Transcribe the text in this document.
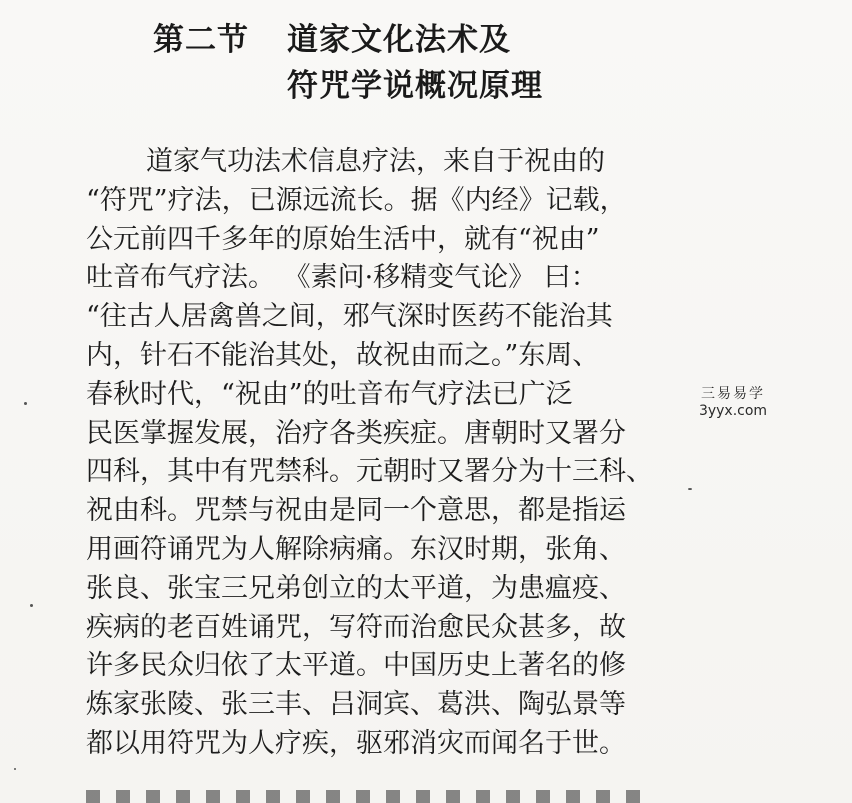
第二节 道家文化法术及
符咒学说概况原理
道家气功法术信息疗法，来自于祝由的
“符咒”疗法，已源远流长。据《内经》记载，
公元前四千多年的原始生活中，就有“祝由”
吐音布气疗法。 《素问·移精变气论》 曰：
“往古人居禽兽之间，邪气深时医药不能治其
内，针石不能治其处，故祝由而之。”东周、
春秋时代，“祝由”的吐音布气疗法已广泛
民医掌握发展，治疗各类疾症。唐朝时又署分
四科，其中有咒禁科。元朝时又署分为十三科、
祝由科。咒禁与祝由是同一个意思，都是指运
用画符诵咒为人解除病痛。东汉时期，张角、
张良、张宝三兄弟创立的太平道，为患瘟疫、
疾病的老百姓诵咒，写符而治愈民众甚多，故
许多民众归依了太平道。中国历史上著名的修
炼家张陵、张三丰、吕洞宾、葛洪、陶弘景等
都以用符咒为人疗疾，驱邪消灾而闻名于世。
三易易学
3yyx.com
